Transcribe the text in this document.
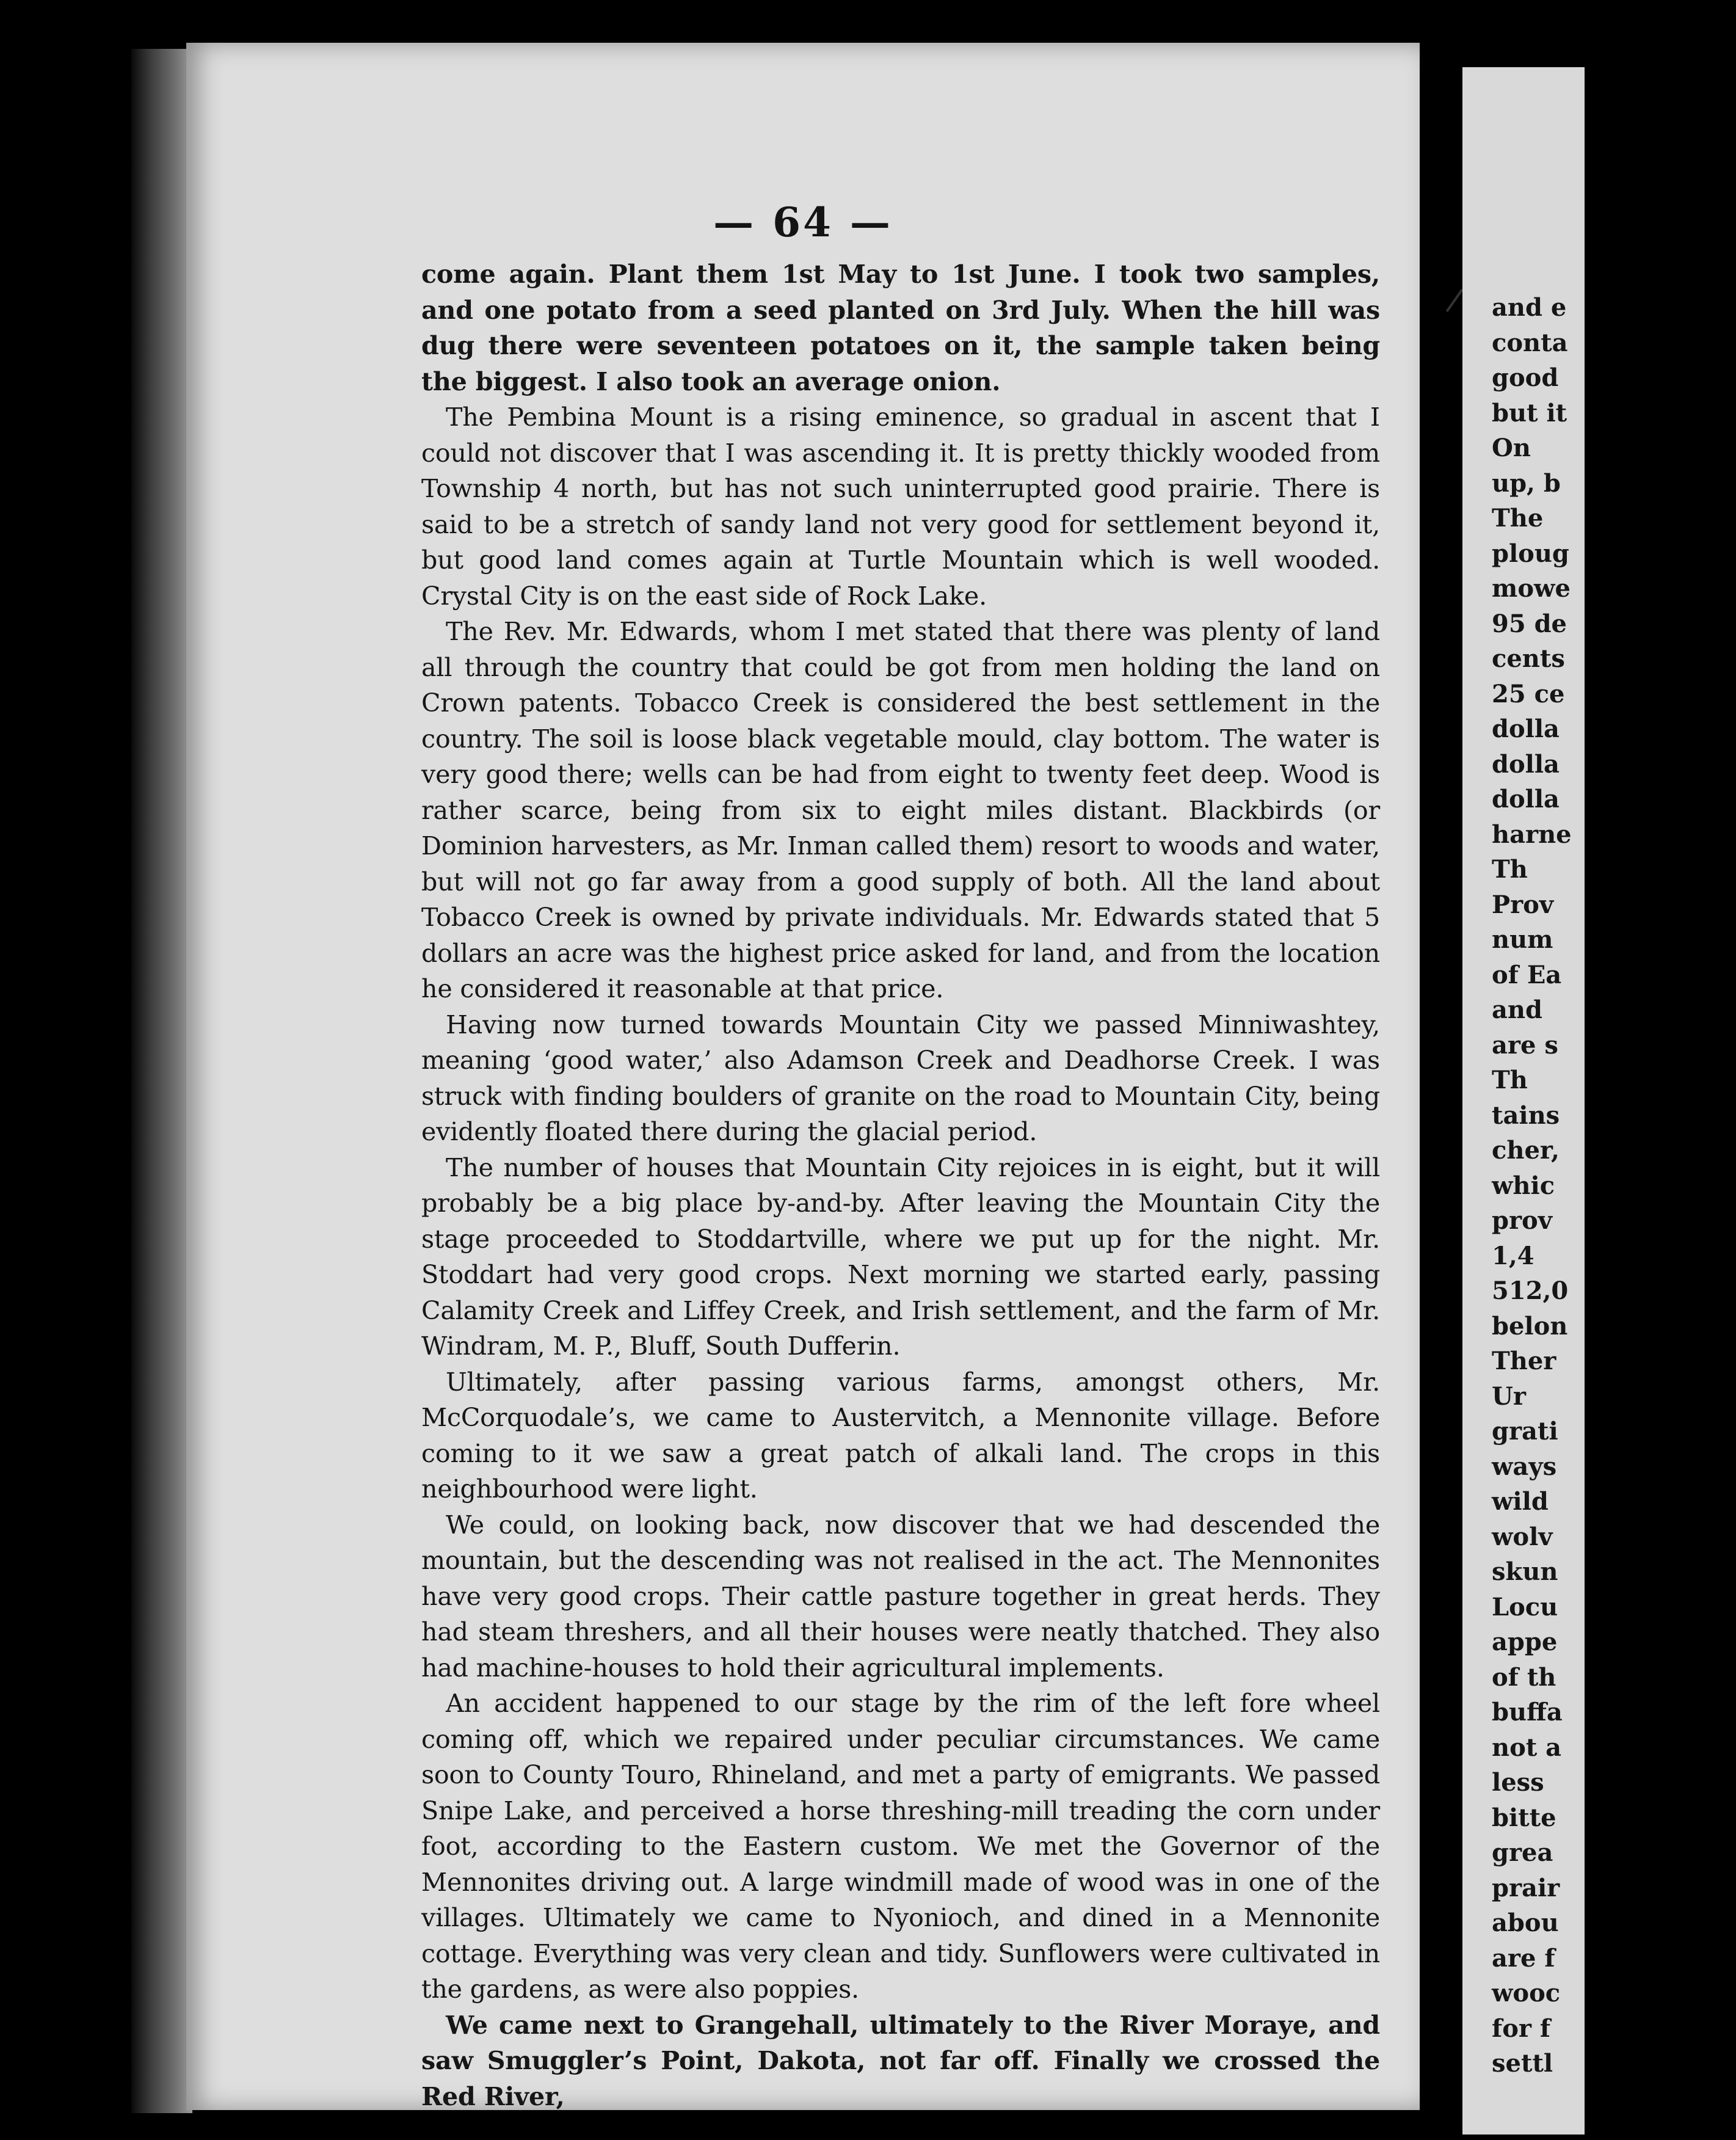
— 64 —

come again. Plant them 1st May to 1st June. I took two samples, and one potato from a seed planted on 3rd July. When the hill was dug there were seventeen potatoes on it, the sample taken being the biggest. I also took an average onion.

The Pembina Mount is a rising eminence, so gradual in ascent that I could not discover that I was ascending it. It is pretty thickly wooded from Township 4 north, but has not such uninterrupted good prairie. There is said to be a stretch of sandy land not very good for settlement beyond it, but good land comes again at Turtle Mountain which is well wooded. Crystal City is on the east side of Rock Lake.

The Rev. Mr. Edwards, whom I met stated that there was plenty of land all through the country that could be got from men holding the land on Crown patents. Tobacco Creek is considered the best settlement in the country. The soil is loose black vegetable mould, clay bottom. The water is very good there; wells can be had from eight to twenty feet deep. Wood is rather scarce, being from six to eight miles distant. Blackbirds (or Dominion harvesters, as Mr. Inman called them) resort to woods and water, but will not go far away from a good supply of both. All the land about Tobacco Creek is owned by private individuals. Mr. Edwards stated that 5 dollars an acre was the highest price asked for land, and from the location he considered it reasonable at that price.

Having now turned towards Mountain City we passed Minniwashtey, meaning ‘good water,’ also Adamson Creek and Deadhorse Creek. I was struck with finding boulders of granite on the road to Mountain City, being evidently floated there during the glacial period.

The number of houses that Mountain City rejoices in is eight, but it will probably be a big place by-and-by. After leaving the Mountain City the stage proceeded to Stoddartville, where we put up for the night. Mr. Stoddart had very good crops. Next morning we started early, passing Calamity Creek and Liffey Creek, and Irish settlement, and the farm of Mr. Windram, M. P., Bluff, South Dufferin.

Ultimately, after passing various farms, amongst others, Mr. McCorquodale’s, we came to Austervitch, a Mennonite village. Before coming to it we saw a great patch of alkali land. The crops in this neighbourhood were light.

We could, on looking back, now discover that we had descended the mountain, but the descending was not realised in the act. The Mennonites have very good crops. Their cattle pasture together in great herds. They had steam threshers, and all their houses were neatly thatched. They also had machine-houses to hold their agricultural implements.

An accident happened to our stage by the rim of the left fore wheel coming off, which we repaired under peculiar circumstances. We came soon to County Touro, Rhineland, and met a party of emigrants. We passed Snipe Lake, and perceived a horse threshing-mill treading the corn under foot, according to the Eastern custom. We met the Governor of the Mennonites driving out. A large windmill made of wood was in one of the villages. Ultimately we came to Nyonioch, and dined in a Mennonite cottage. Everything was very clean and tidy. Sunflowers were cultivated in the gardens, as were also poppies.

We came next to Grangehall, ultimately to the River Moraye, and saw Smuggler’s Point, Dakota, not far off. Finally we crossed the Red River,

and e
conta
good
but it
On
up, b
The
ploug
mowe
95 de
cents
25 ce
dolla
dolla
dolla
harne
Th
Prov
num
of Ea
and
are s
Th
tains
cher,
whic
prov
1,4
512,0
belon
Ther
Ur
grati
ways
wild
wolv
skun
Locu
appe
of th
buffa
not a
less
bitte
grea
prair
abou
are f
wooc
for f
settl
